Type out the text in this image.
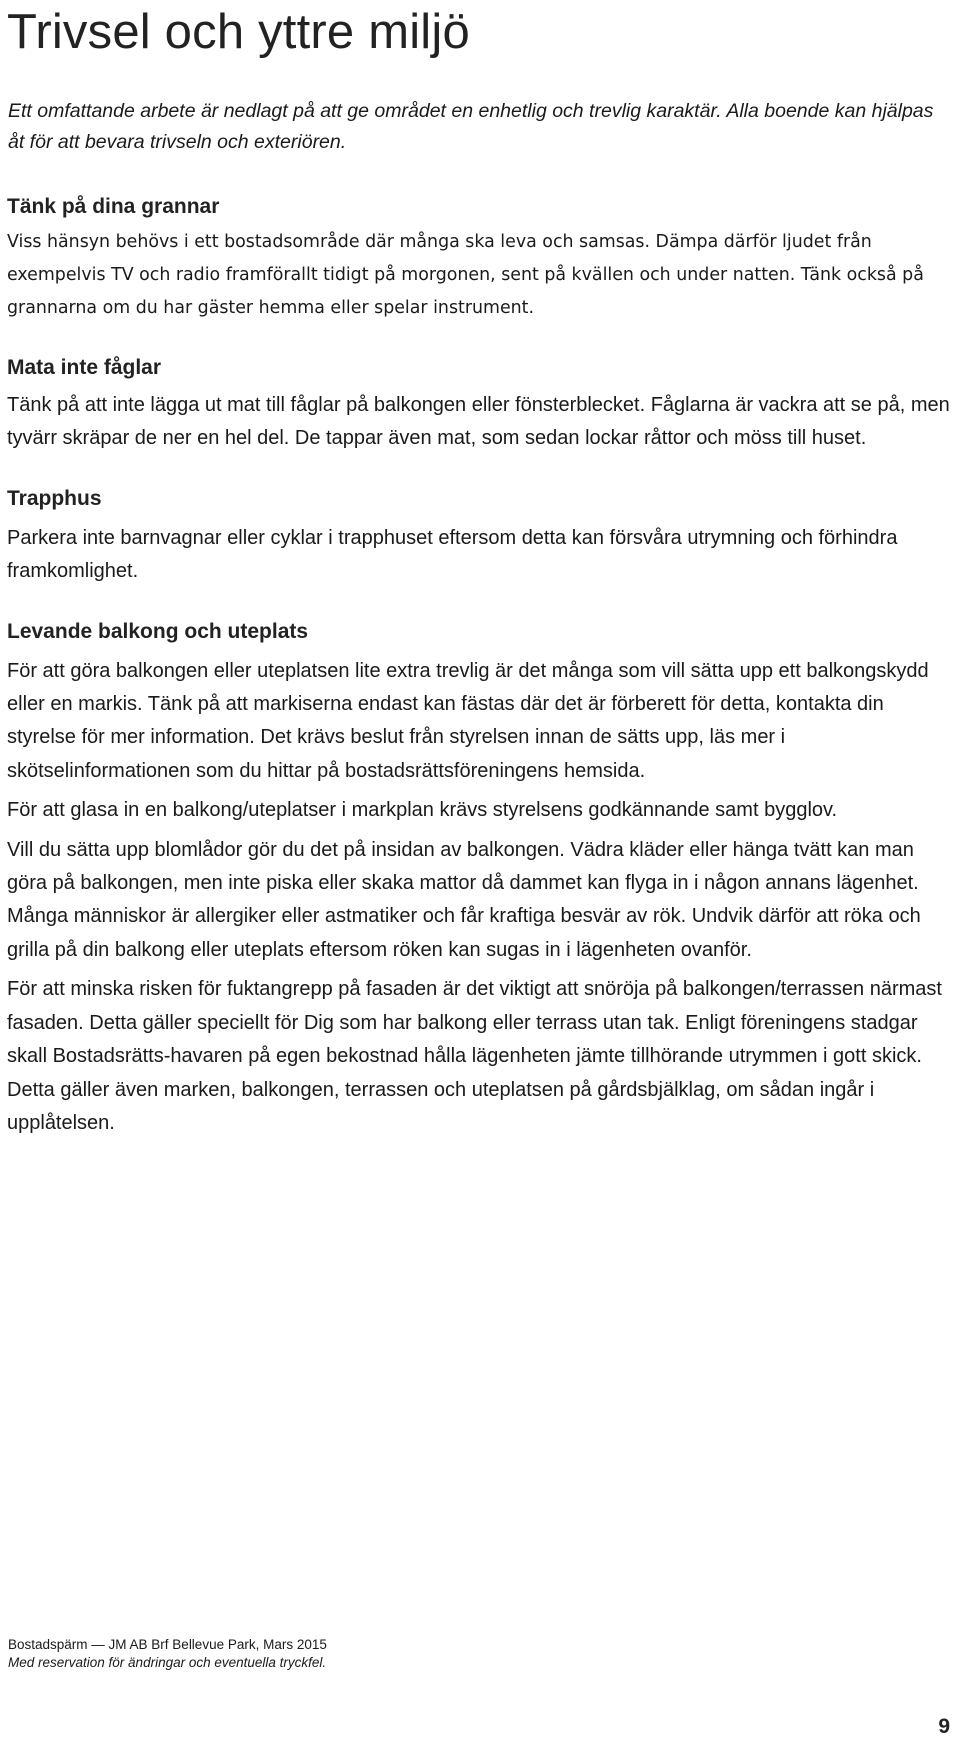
Trivsel och yttre miljö

Ett omfattande arbete är nedlagt på att ge området en enhetlig och trevlig karaktär. Alla boende kan hjälpas åt för att bevara trivseln och exteriören.

Tänk på dina grannar

Viss hänsyn behövs i ett bostadsområde där många ska leva och samsas. Dämpa därför ljudet från exempelvis TV och radio framförallt tidigt på morgonen, sent på kvällen och under natten. Tänk också på grannarna om du har gäster hemma eller spelar instrument.

Mata inte fåglar

Tänk på att inte lägga ut mat till fåglar på balkongen eller fönsterblecket. Fåglarna är vackra att se på, men tyvärr skräpar de ner en hel del. De tappar även mat, som sedan lockar råttor och möss till huset.

Trapphus

Parkera inte barnvagnar eller cyklar i trapphuset eftersom detta kan försvåra utrymning och förhindra framkomlighet.

Levande balkong och uteplats

För att göra balkongen eller uteplatsen lite extra trevlig är det många som vill sätta upp ett balkongskydd eller en markis. Tänk på att markiserna endast kan fästas där det är förberett för detta, kontakta din styrelse för mer information. Det krävs beslut från styrelsen innan de sätts upp, läs mer i skötselinformationen som du hittar på bostadsrättsföreningens hemsida.

För att glasa in en balkong/uteplatser i markplan krävs styrelsens godkännande samt bygglov.

Vill du sätta upp blomlådor gör du det på insidan av balkongen. Vädra kläder eller hänga tvätt kan man göra på balkongen, men inte piska eller skaka mattor då dammet kan flyga in i någon annans lägenhet. Många människor är allergiker eller astmatiker och får kraftiga besvär av rök. Undvik därför att röka och grilla på din balkong eller uteplats eftersom röken kan sugas in i lägenheten ovanför.

För att minska risken för fuktangrepp på fasaden är det viktigt att snöröja på balkongen/terrassen närmast fasaden. Detta gäller speciellt för Dig som har balkong eller terrass utan tak. Enligt föreningens stadgar skall Bostadsrätts-havaren på egen bekostnad hålla lägenheten jämte tillhörande utrymmen i gott skick. Detta gäller även marken, balkongen, terrassen och uteplatsen på gårdsbjälklag, om sådan ingår i upplåtelsen.

Bostadspärm — JM AB Brf Bellevue Park, Mars 2015
Med reservation för ändringar och eventuella tryckfel.
9
